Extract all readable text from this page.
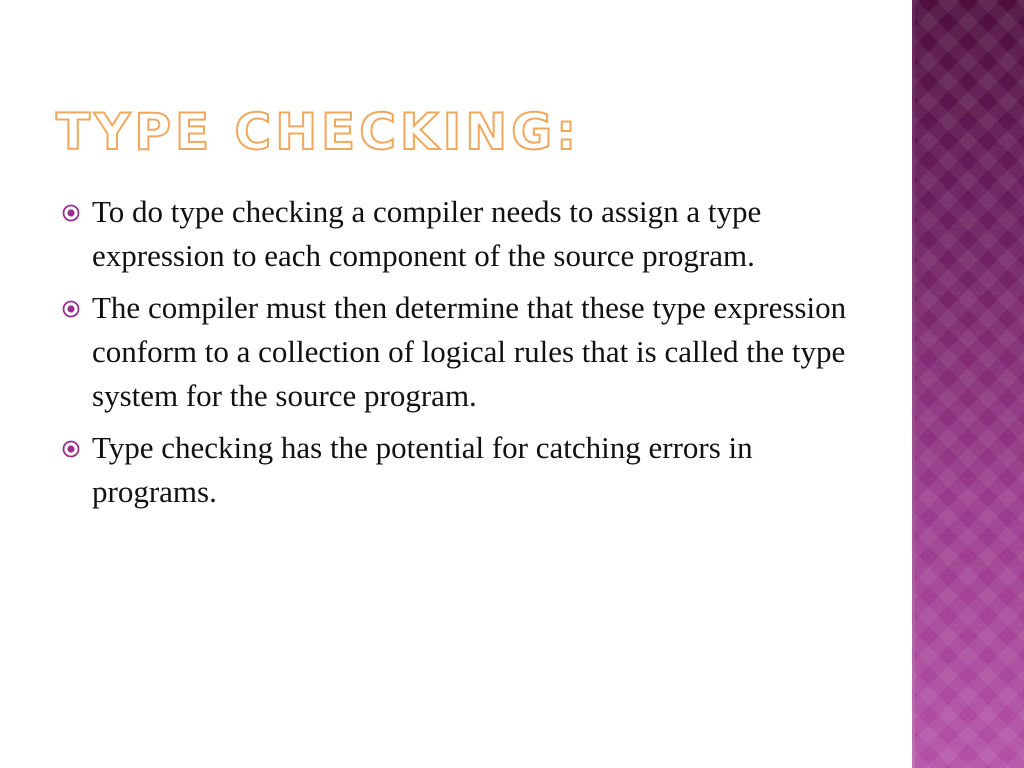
TYPE CHECKING:
To do type checking a compiler needs to assign a type expression to each component of the source program.
The compiler must then determine that these type expression conform to a collection of logical rules that is called the type system for the source program.
Type checking has the potential for catching errors in programs.
